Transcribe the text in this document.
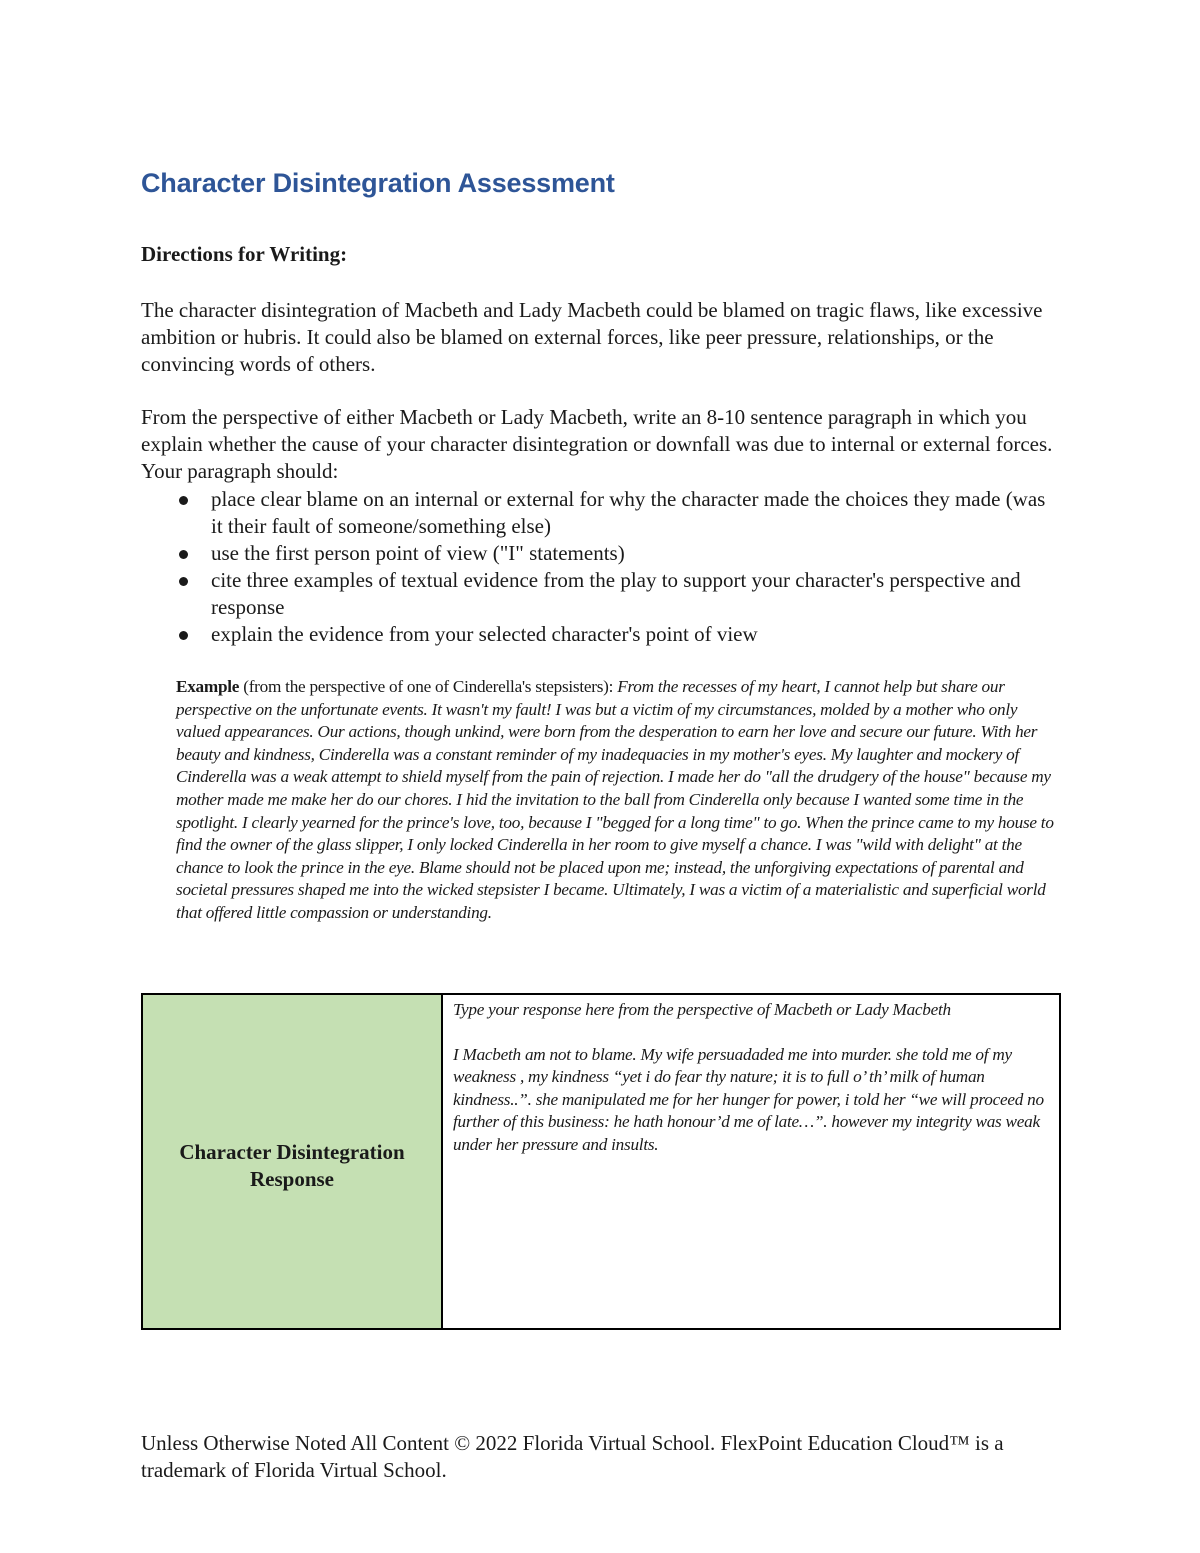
Character Disintegration Assessment
Directions for Writing:

The character disintegration of Macbeth and Lady Macbeth could be blamed on tragic flaws, like excessive ambition or hubris. It could also be blamed on external forces, like peer pressure, relationships, or the convincing words of others.

From the perspective of either Macbeth or Lady Macbeth, write an 8-10 sentence paragraph in which you explain whether the cause of your character disintegration or downfall was due to internal or external forces. Your paragraph should:

place clear blame on an internal or external for why the character made the choices they made (was it their fault of someone/something else)
use the first person point of view ("I" statements)
cite three examples of textual evidence from the play to support your character's perspective and response
explain the evidence from your selected character's point of view

Example (from the perspective of one of Cinderella's stepsisters): From the recesses of my heart, I cannot help but share our perspective on the unfortunate events. It wasn't my fault! I was but a victim of my circumstances, molded by a mother who only valued appearances. Our actions, though unkind, were born from the desperation to earn her love and secure our future. With her beauty and kindness, Cinderella was a constant reminder of my inadequacies in my mother's eyes. My laughter and mockery of Cinderella was a weak attempt to shield myself from the pain of rejection. I made her do "all the drudgery of the house" because my mother made me make her do our chores. I hid the invitation to the ball from Cinderella only because I wanted some time in the spotlight. I clearly yearned for the prince's love, too, because I "begged for a long time" to go. When the prince came to my house to find the owner of the glass slipper, I only locked Cinderella in her room to give myself a chance. I was "wild with delight" at the chance to look the prince in the eye. Blame should not be placed upon me; instead, the unforgiving expectations of parental and societal pressures shaped me into the wicked stepsister I became. Ultimately, I was a victim of a materialistic and superficial world that offered little compassion or understanding.

Character Disintegration
Response	

Type your response here from the perspective of Macbeth or Lady Macbeth

I Macbeth am not to blame. My wife persuadaded me into murder. she told me of my weakness , my kindness “yet i do fear thy nature; it is to full o’ th’ milk of human kindness..”. she manipulated me for her hunger for power, i told her “we will proceed no further of this business: he hath honour’d me of late…”. however my integrity was weak under her pressure and insults.

Unless Otherwise Noted All Content © 2022 Florida Virtual School. FlexPoint Education Cloud™ is a trademark of Florida Virtual School.
